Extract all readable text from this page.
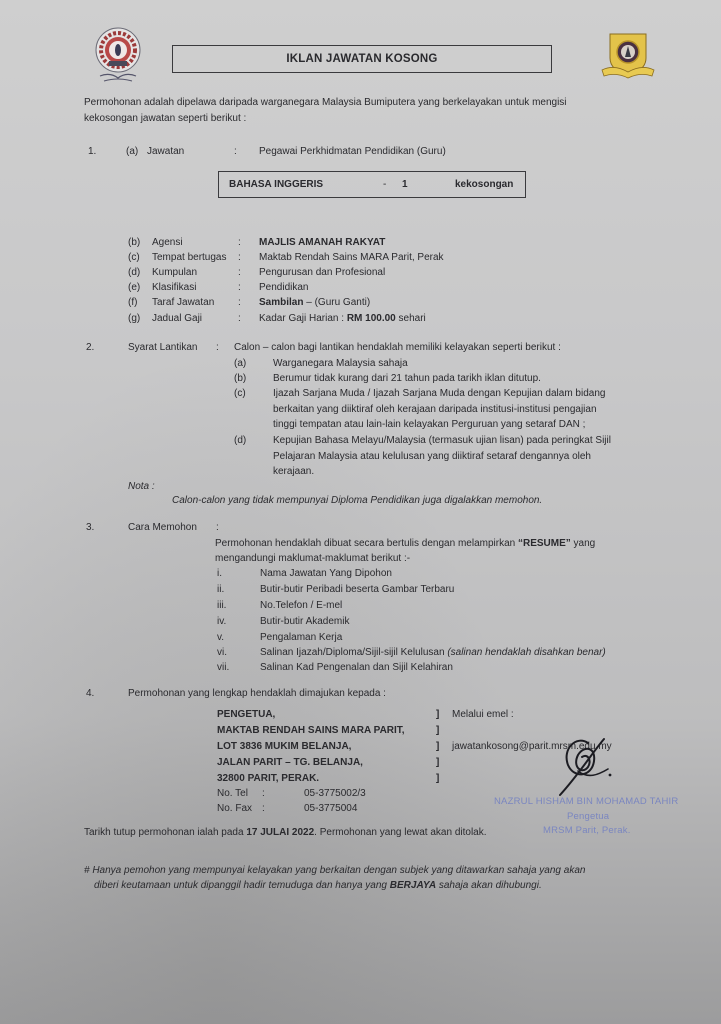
IKLAN JAWATAN KOSONG
Permohonan adalah dipelawa daripada warganegara Malaysia Bumiputera yang berkelayakan untuk mengisi
kekosongan jawatan seperti berikut :
1.	(a) Jawatan	: Pegawai Perkhidmatan Pendidikan (Guru)
BAHASA INGGERIS	- 1	kekosongan
(b) Agensi	: MAJLIS AMANAH RAKYAT
(c) Tempat bertugas : Maktab Rendah Sains MARA Parit, Perak
(d) Kumpulan	: Pengurusan dan Profesional
(e) Klasifikasi	: Pendidikan
(f) Taraf Jawatan : Sambilan – (Guru Ganti)
(g) Jadual Gaji	: Kadar Gaji Harian : RM 100.00 sehari
2.	Syarat Lantikan : Calon – calon bagi lantikan hendaklah memiliki kelayakan seperti berikut :
(a)	Warganegara Malaysia sahaja
(b)	Berumur tidak kurang dari 21 tahun pada tarikh iklan ditutup.
(c)	Ijazah Sarjana Muda / Ijazah Sarjana Muda dengan Kepujian dalam bidang
berkaitan yang diiktiraf oleh kerajaan daripada institusi-institusi pengajian
tinggi tempatan atau lain-lain kelayakan Perguruan yang setaraf DAN ;
(d)	Kepujian Bahasa Melayu/Malaysia (termasuk ujian lisan) pada peringkat Sijil
Pelajaran Malaysia atau kelulusan yang diiktiraf setaraf dengannya oleh
kerajaan.
Nota :
Calon-calon yang tidak mempunyai Diploma Pendidikan juga digalakkan memohon.
3.	Cara Memohon :
Permohonan hendaklah dibuat secara bertulis dengan melampirkan “RESUME” yang
mengandungi maklumat-maklumat berikut :-
i.	Nama Jawatan Yang Dipohon
ii.	Butir-butir Peribadi beserta Gambar Terbaru
iii.	No.Telefon / E-mel
iv.	Butir-butir Akademik
v.	Pengalaman Kerja
vi.	Salinan Ijazah/Diploma/Sijil-sijil Kelulusan (salinan hendaklah disahkan benar)
vii.	Salinan Kad Pengenalan dan Sijil Kelahiran
4.	Permohonan yang lengkap hendaklah dimajukan kepada :
PENGETUA,
MAKTAB RENDAH SAINS MARA PARIT,
LOT 3836 MUKIM BELANJA,
JALAN PARIT – TG. BELANJA,
32800 PARIT, PERAK.
No. Tel :	05-3775002/3
No. Fax :	05-3775004
]
]
]
]
]
Melalui emel :
jawatankosong@parit.mrsm.edu.my
NAZRUL HISHAM BIN MOHAMAD TAHIR
Pengetua
MRSM Parit, Perak.
Tarikh tutup permohonan ialah pada 17 JULAI 2022. Permohonan yang lewat akan ditolak.
# Hanya pemohon yang mempunyai kelayakan yang berkaitan dengan subjek yang ditawarkan sahaja yang akan
diberi keutamaan untuk dipanggil hadir temuduga dan hanya yang BERJAYA sahaja akan dihubungi.
